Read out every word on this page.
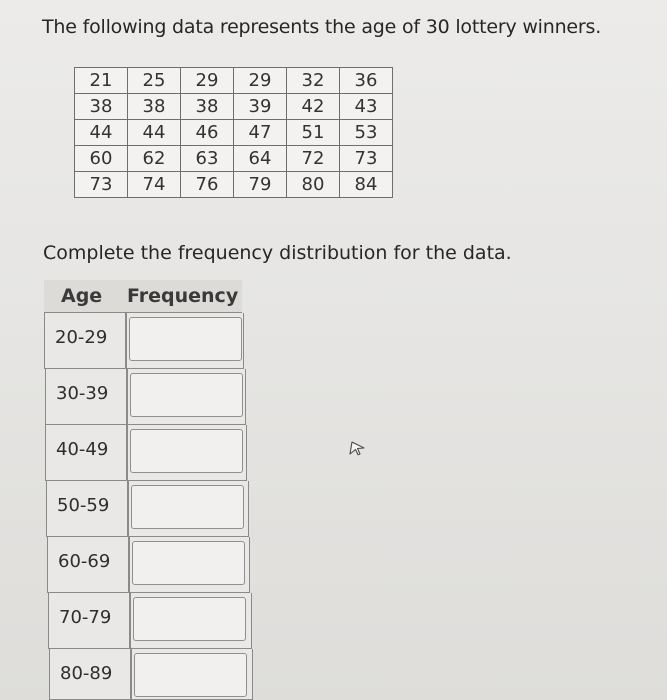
The following data represents the age of 30 lottery winners.
21	25	29	29	32	36
38	38	38	39	42	43
44	44	46	47	51	53
60	62	63	64	72	73
73	74	76	79	80	84
Complete the frequency distribution for the data.
Age Frequency
20-29
30-39
40-49
50-59
60-69
70-79
80-89
